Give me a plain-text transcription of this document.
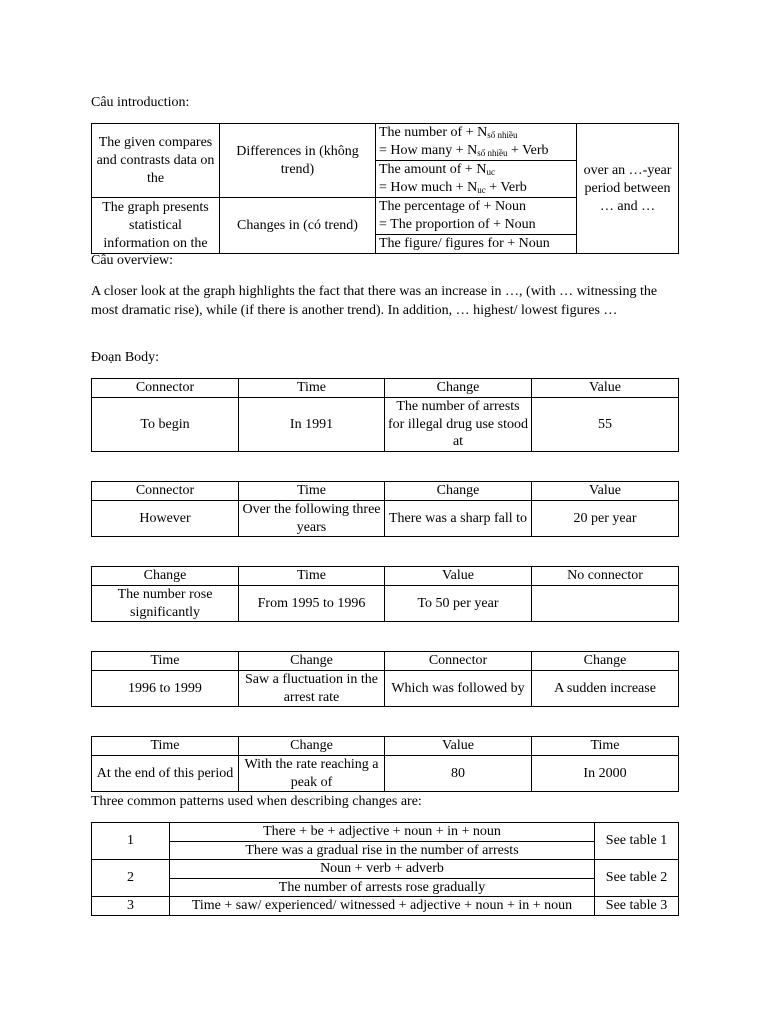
Câu introduction:
The given compares and contrasts data on the	Differences in (không trend)	The number of + $N_{số nhiều}$
= How many + $N_{số nhiều}$ + Verb	over an …-year period between … and …

		The amount of + $N_{uc}$
= How much + $N_{uc}$ + Verb	

The graph presents statistical information on the	Changes in (có trend)	The percentage of + Noun
= The proportion of + Noun	

		The figure/ figures for + Noun	
Câu overview:
A closer look at the graph highlights the fact that there was an increase in …, (with … witnessing the most dramatic rise), while (if there is another trend). In addition, … highest/ lowest figures …
Đoạn Body:
Connector	Time	Change	Value
To begin	In 1991	The number of arrests for illegal drug use stood at	55
Connector	Time	Change	Value
However	Over the following three years	There was a sharp fall to	20 per year
Change	Time	Value	No connector
The number rose significantly	From 1995 to 1996	To 50 per year	
Time	Change	Connector	Change
1996 to 1999	Saw a fluctuation in the arrest rate	Which was followed by	A sudden increase
Time	Change	Value	Time
At the end of this period	With the rate reaching a peak of	80	In 2000
Three common patterns used when describing changes are:
1	There + be + adjective + noun + in + noun	See table 1
	There was a gradual rise in the number of arrests	
2	Noun + verb + adverb	See table 2
	The number of arrests rose gradually	
3	Time + saw/ experienced/ witnessed + adjective + noun + in + noun	See table 3
